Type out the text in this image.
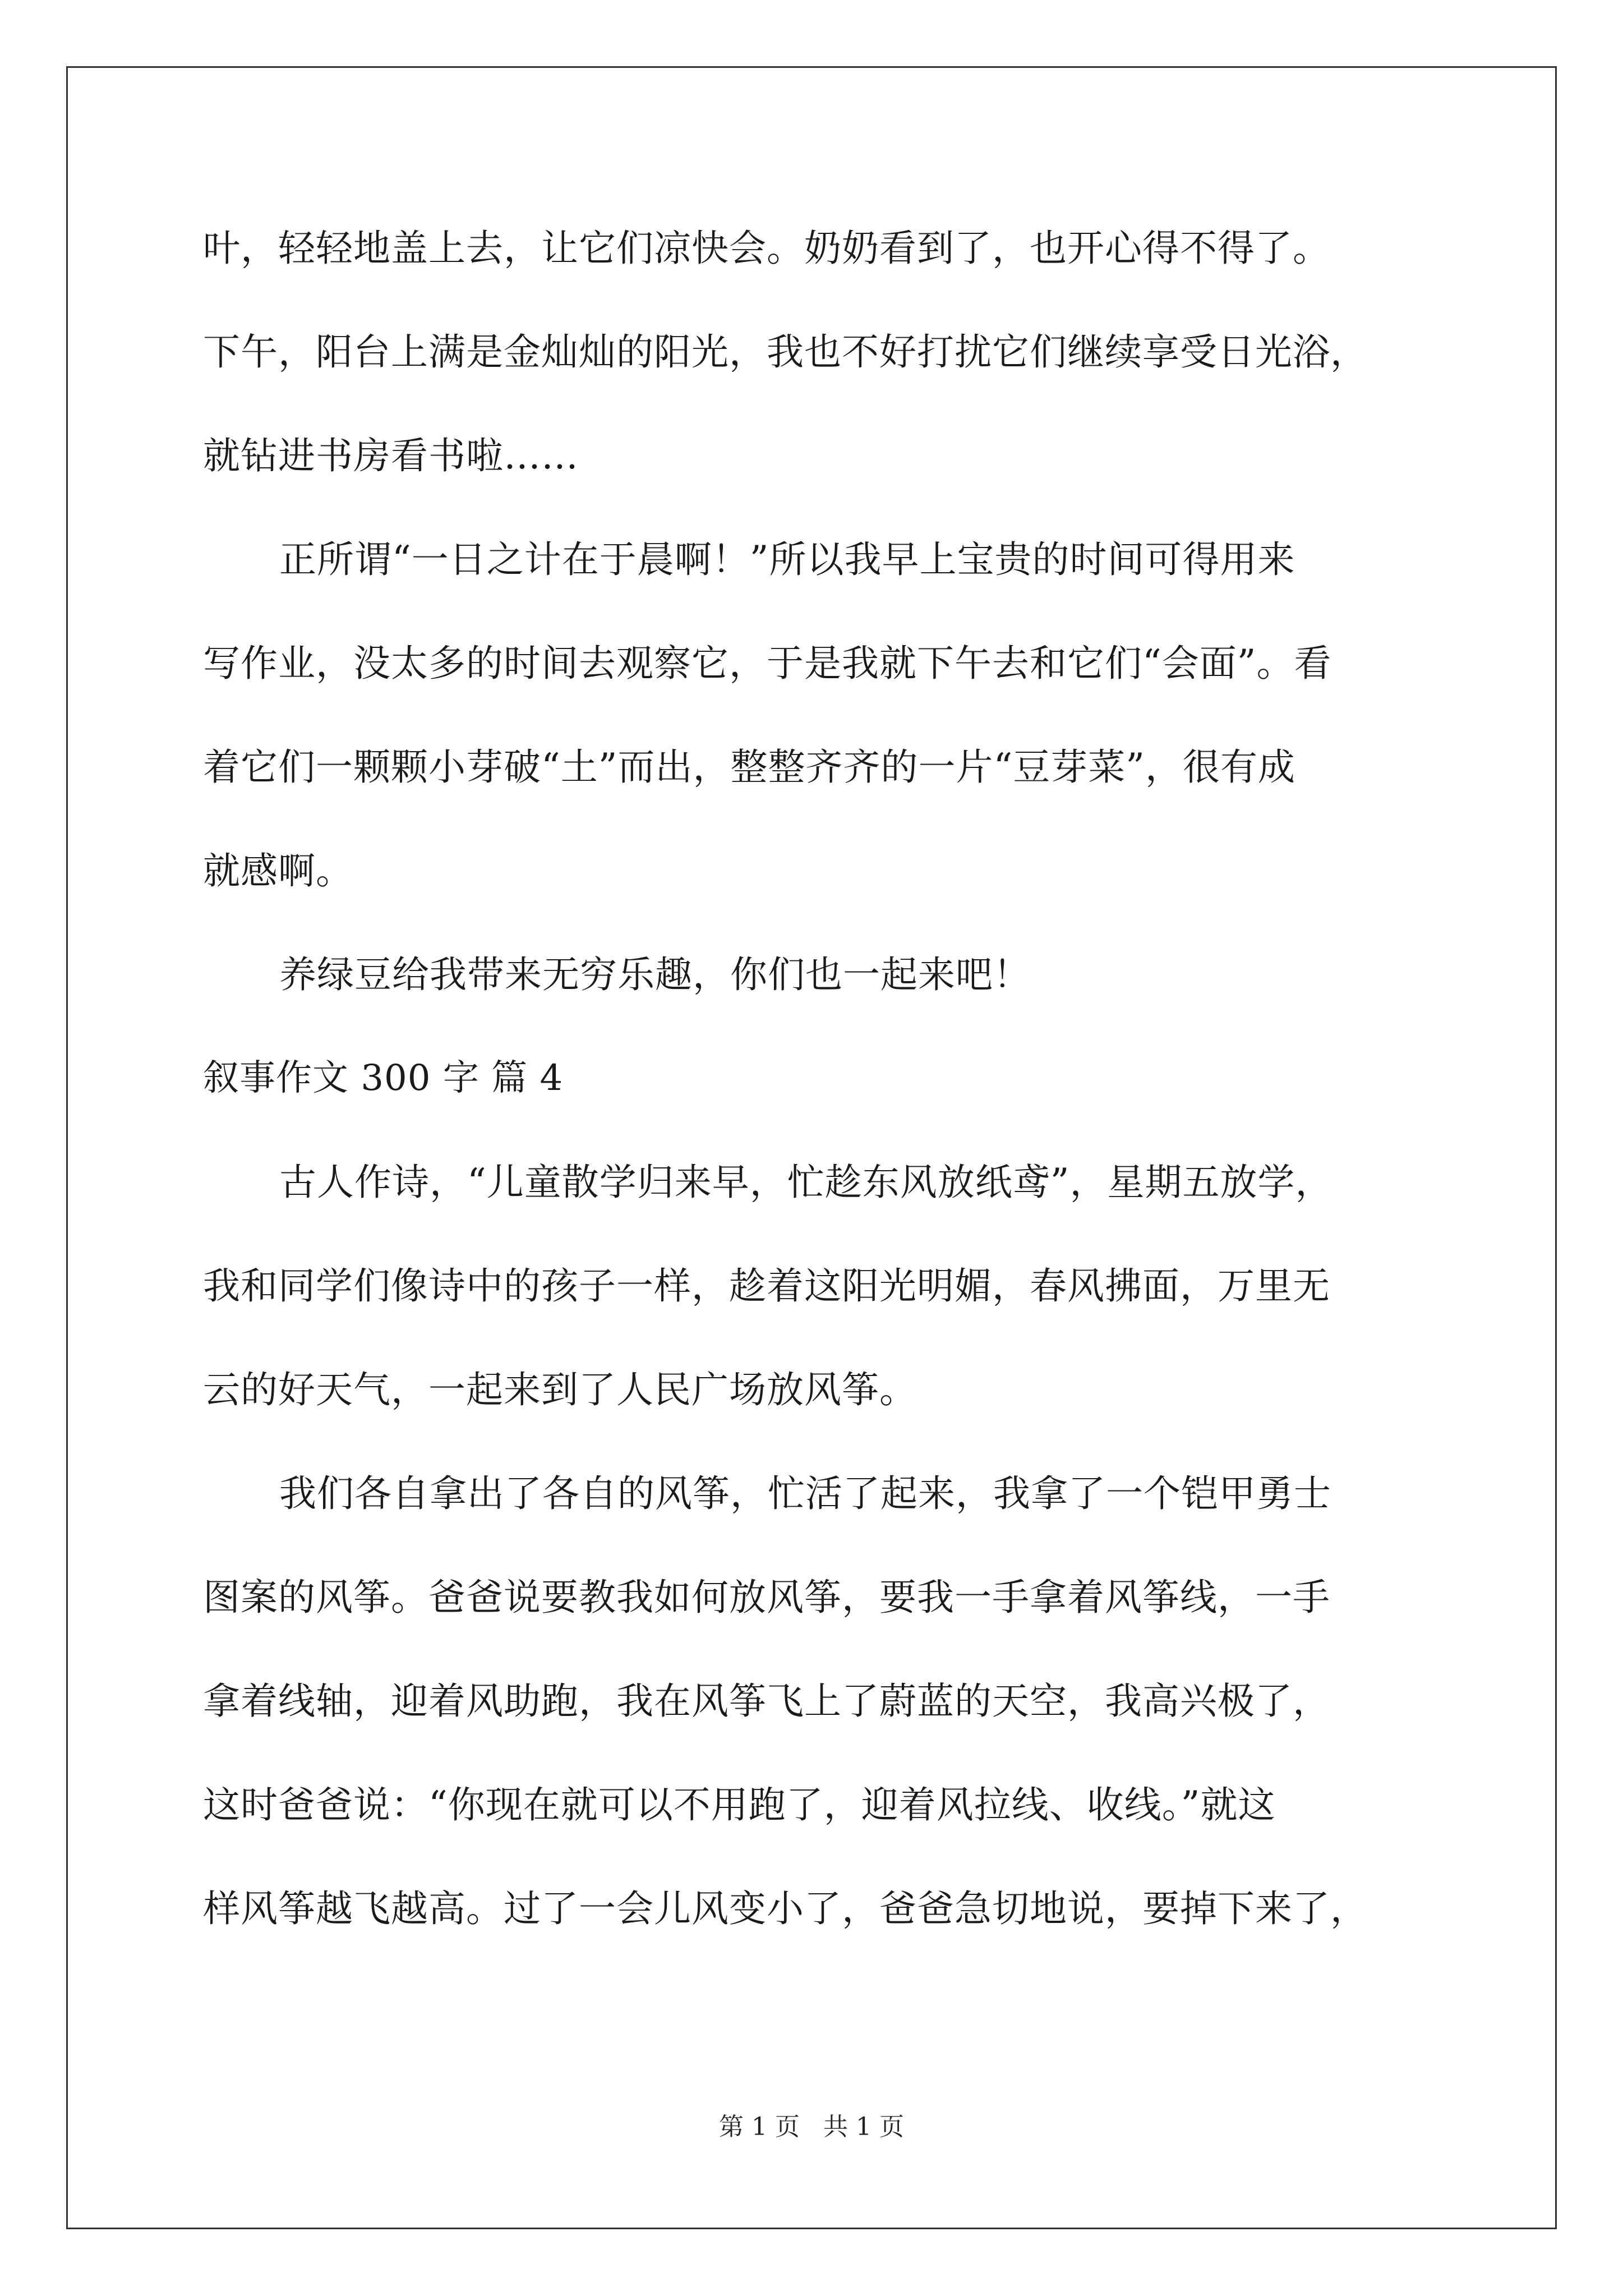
叶，轻轻地盖上去，让它们凉快会。奶奶看到了，也开心得不得了。
下午，阳台上满是金灿灿的阳光，我也不好打扰它们继续享受日光浴，
就钻进书房看书啦……
正所谓“一日之计在于晨啊！”所以我早上宝贵的时间可得用来
写作业，没太多的时间去观察它，于是我就下午去和它们“会面”。看
着它们一颗颗小芽破“土”而出，整整齐齐的一片“豆芽菜”，很有成
就感啊。
养绿豆给我带来无穷乐趣，你们也一起来吧！
叙事作文 300 字 篇 4
古人作诗，“儿童散学归来早，忙趁东风放纸鸢”，星期五放学，
我和同学们像诗中的孩子一样，趁着这阳光明媚，春风拂面，万里无
云的好天气，一起来到了人民广场放风筝。
我们各自拿出了各自的风筝，忙活了起来，我拿了一个铠甲勇士
图案的风筝。爸爸说要教我如何放风筝，要我一手拿着风筝线，一手
拿着线轴，迎着风助跑，我在风筝飞上了蔚蓝的天空，我高兴极了，
这时爸爸说：“你现在就可以不用跑了，迎着风拉线、收线。”就这
样风筝越飞越高。过了一会儿风变小了，爸爸急切地说，要掉下来了，
第 1 页   共 1 页
